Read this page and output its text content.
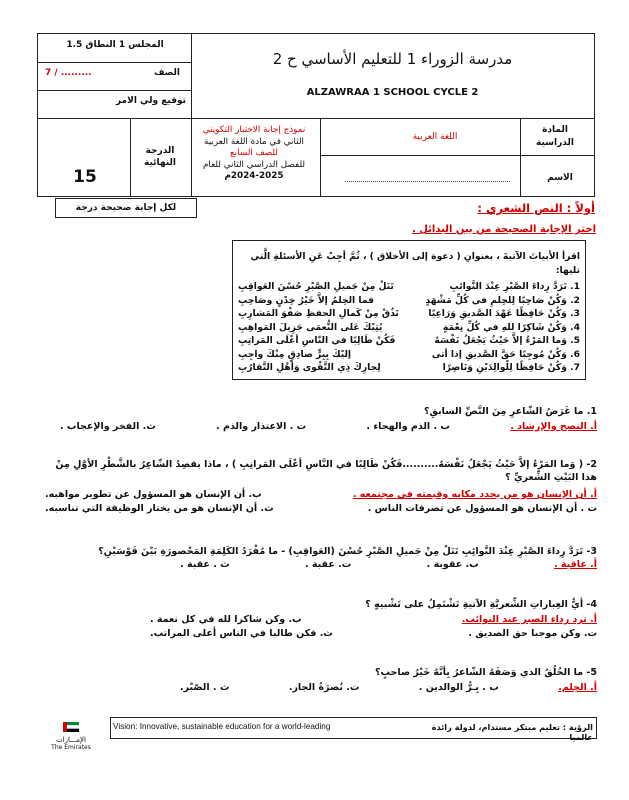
المجلس 1 النطاق 1.5
7 / .........	الصف
توقيع ولي الامر
مدرسة الزوراء 1 للتعليم الأساسي ح 2
ALZAWRAA 1 SCHOOL CYCLE 2
الدرجة النهائية
15
نموذج إجابة الاختبار التكويني
الثاني في مادة اللغة العربية
للصف السابع
للفصل الدراسي الثاني للعام
2024-2025م
اللغة العربية
المادة الدراسية
الاسم
أولاً : النص الشعري :
لكل إجابة صحيحة درجة
اختر الإجابة الصحيحة من بين البدائل .
اقرأ الأبياتَ الآتيةَ ، بعنوانِ ( دعوة إلى الأخلاق ) ، ثُمَّ أجِبْ عَنِ الأسئلةِ الَّتي تليها:
1. تَرَدَّ رِداءَ الصَّبْرِ عِنْدَ النَّوائبِ
تَنَلْ مِنْ جَميلِ الصَّبْرِ حُسْنَ العَواقِبِ
2. وَكُنْ صَاحِبًا لِلحِلمِ في كُلِّ مَشْهَدٍ
فما الحِلمُ إلاَّ خَيْرُ خِدْنٍ وصَاحِبِ
3. وَكُنْ حَافِظًا عَهْدَ الصَّديقِ وَرَاعِيًا
تَذُقْ مِنْ كَمالِ الحفظِ صَفْوَ المَشارِبِ
4. وَكُنْ شَاكِرًا للهِ في كُلِّ نِعْمَةٍ
يُثِبْكَ عَلى النُّعمَى جَزِيلَ المَواهِبِ
5. وَما المَرْءُ إلاَّ حَيْثُ يَجْعَلُ نَفْسَهُ
فَكُنْ طَالِبًا في النّاسِ أعْلَى المَراتِبِ
6. وَكُنْ مُوجِبًا حَقَّ الصَّديقِ إذا أتى
إليْكَ بِبِرٍّ صادِقٍ مِنْكَ واجِبِ
7. وَكُنْ حَافِظًا لِلْوالِدَيْنِ وَنَاصِرًا
لِجارِكَ ذِي التَّقْوى وَأَهْلِ التَّقارُبِ
1. ما غَرَضُ الشّاعرِ مِنَ النَّصِّ السابقِ؟
أ. النصح والإرشاد .
ب . الذم والهجاء .
ت . الاعتذار والذم .
ث. الفخر والإعجاب .
2- ( وَما المَرْءُ إلاَّ حَيْثُ يَجْعَلُ نَفْسَهُ..........فَكُنْ طَالِبًا في النَّاسِ أعْلَى المَراتِبِ ) ، ماذا يقصِدُ الشّاعِرُ بالشَّطْرِ الأوَّلِ مِنْ هذا البَيْتِ الشِّعريِّ ؟
أ. أن الإنسان هو من يحدد مكانه وقيمته في مجتمعه .
ب. أن الإنسان هو المسؤول عن تطوير مواهبه.
ت . أن الإنسان هو المسؤول عن تصرفات الناس .
ث. أن الإنسان هو من يختار الوظيفة التي تناسبه.
3- تَرَدَّ رِداءَ الصَّبْرِ عِنْدَ النَّوائِبِ تَنَلْ مِنْ جَميلِ الصَّبْرِ حُسْنَ (العَواقِبِ) - ما مُفْرَدُ الكَلِمَةِ المَحْصورَةِ بَيْنَ قَوْسَيْنِ؟
أ. عاقبة .
ب. عقوبة .
ت. عقبة .
ث . عقبة .
4- أيُّ العِباراتِ الشِّعريَّةِ الآتيةِ تَشْتَمِلُ على تَشْبيهٍ ؟
أ. ترد رداء الصبر عند النوائب.
ب. وكن شاكرا لله في كل نعمة .
ت. وكن موجبا حق الصديق .
ث. فكن طالبا في الناس أعلى المراتب.
5- ما الخُلُقُ الذي وَصَفَهُ الشّاعرُ بِأنَّهُ خَيْرُ صاحبٍ؟
أ. الحِلم.
ب . بِـرُّ الوالدين .
ت. نُصرَةُ الجار.
ث . الصّبْر.
Vision: Innovative, sustainable education for a world-leading	الرؤية : تعليم مبتكر مستدام، لدولة رائدة عالميا
الإمـــارات
The Emirates
